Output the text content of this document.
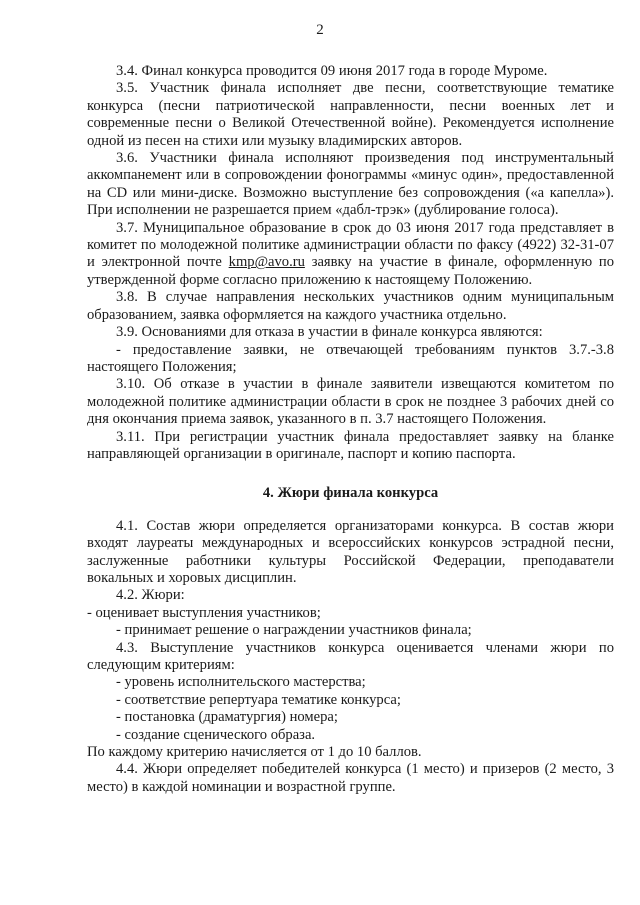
2

3.4. Финал конкурса проводится 09 июня 2017 года в городе Муроме.

3.5. Участник финала исполняет две песни, соответствующие тематике конкурса (песни патриотической направленности, песни военных лет и современные песни о Великой Отечественной войне). Рекомендуется исполнение одной из песен на стихи или музыку владимирских авторов.

3.6. Участники финала исполняют произведения под инструментальный аккомпанемент или в сопровождении фонограммы «минус один», предоставленной на CD или мини-диске. Возможно выступление без сопровождения («а капелла»). При исполнении не разрешается прием «дабл-трэк» (дублирование голоса).

3.7. Муниципальное образование в срок до 03 июня 2017 года представляет в комитет по молодежной политике администрации области по факсу (4922) 32-31-07 и электронной почте kmp@avo.ru заявку на участие в финале, оформленную по утвержденной форме согласно приложению к настоящему Положению.

3.8. В случае направления нескольких участников одним муниципальным образованием, заявка оформляется на каждого участника отдельно.

3.9. Основаниями для отказа в участии в финале конкурса являются:

- предоставление заявки, не отвечающей требованиям пунктов 3.7.-3.8 настоящего Положения;

3.10. Об отказе в участии в финале заявители извещаются комитетом по молодежной политике администрации области в срок не позднее 3 рабочих дней со дня окончания приема заявок, указанного в п. 3.7 настоящего Положения.

3.11. При регистрации участник финала предоставляет заявку на бланке направляющей организации в оригинале, паспорт и копию паспорта.

4. Жюри финала конкурса

4.1. Состав жюри определяется организаторами конкурса. В состав жюри входят лауреаты международных и всероссийских конкурсов эстрадной песни, заслуженные работники культуры Российской Федерации, преподаватели вокальных и хоровых дисциплин.

4.2. Жюри:

- оценивает выступления участников;

- принимает решение о награждении участников финала;

4.3. Выступление участников конкурса оценивается членами жюри по следующим критериям:

- уровень исполнительского мастерства;

- соответствие репертуара тематике конкурса;

- постановка (драматургия) номера;

- создание сценического образа.

По каждому критерию начисляется от 1 до 10 баллов.

4.4. Жюри определяет победителей конкурса (1 место) и призеров (2 место, 3 место) в каждой номинации и возрастной группе.
